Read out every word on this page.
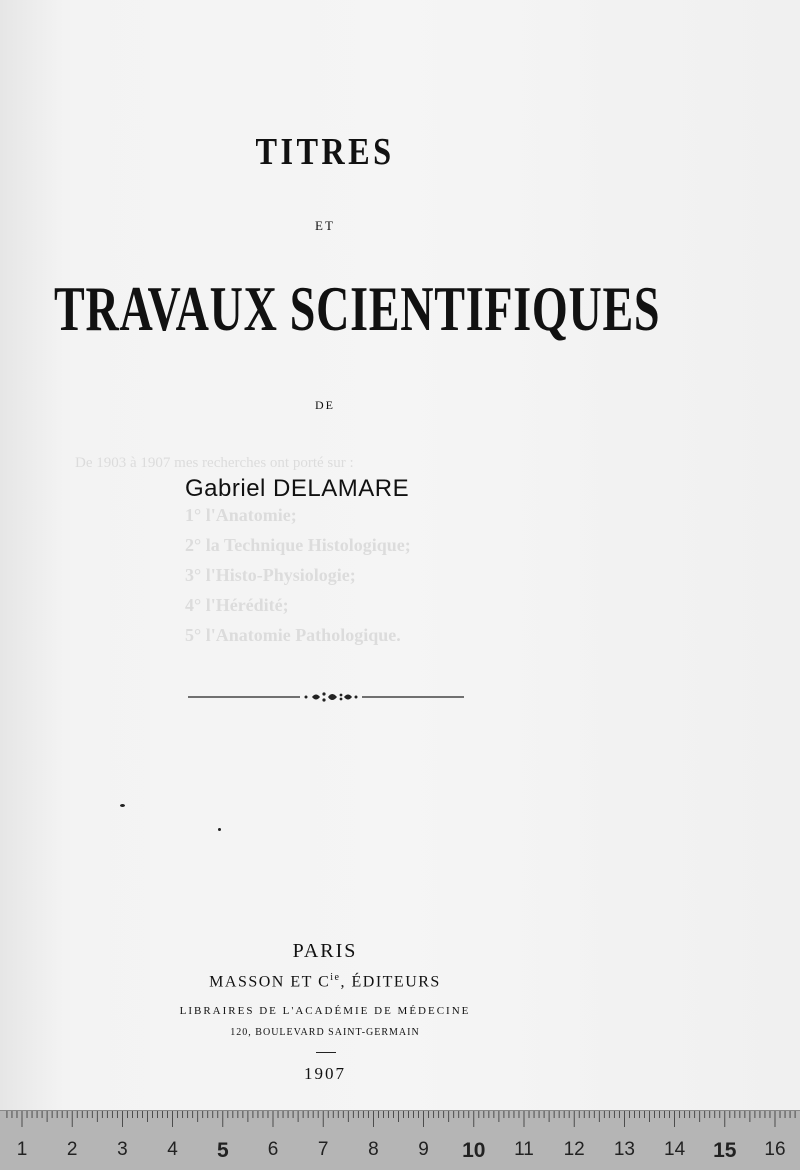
De 1903 à 1907 mes recherches ont porté sur :
1° l'Anatomie;
2° la Technique Histologique;
3° l'Histo-Physiologie;
4° l'Hérédité;
5° l'Anatomie Pathologique.
TITRES
ET
TRAVAUX SCIENTIFIQUES
DE
Gabriel DELAMARE
PARIS
MASSON ET $C^{ie}$, ÉDITEURS
LIBRAIRES DE L'ACADÉMIE DE MÉDECINE
120, BOULEVARD SAINT-GERMAIN
1907
1 2 3 4 5 6 7 8 9 10 11 12 13 14 15 16
